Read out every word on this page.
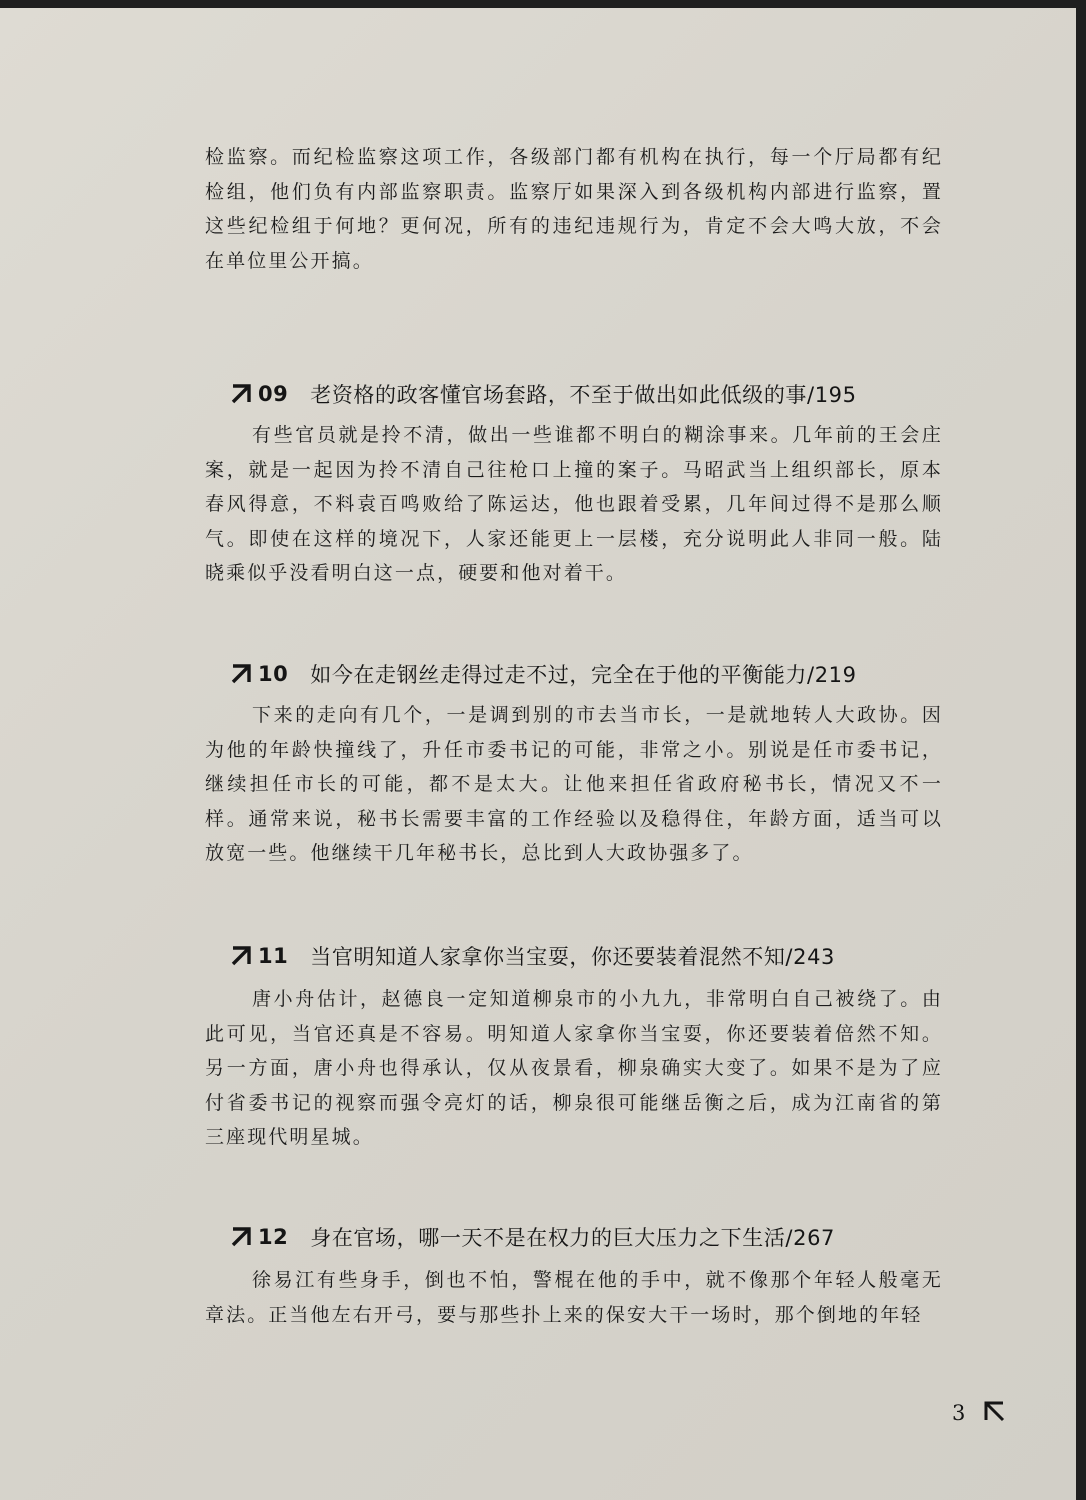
检监察。而纪检监察这项工作，各级部门都有机构在执行，每一个厅局都有纪检组，他们负有内部监察职责。监察厅如果深入到各级机构内部进行监察，置这些纪检组于何地？更何况，所有的违纪违规行为，肯定不会大鸣大放，不会在单位里公开搞。

09 老资格的政客懂官场套路，不至于做出如此低级的事/195

有些官员就是拎不清，做出一些谁都不明白的糊涂事来。几年前的王会庄案，就是一起因为拎不清自己往枪口上撞的案子。马昭武当上组织部长，原本春风得意，不料袁百鸣败给了陈运达，他也跟着受累，几年间过得不是那么顺气。即使在这样的境况下，人家还能更上一层楼，充分说明此人非同一般。陆晓乘似乎没看明白这一点，硬要和他对着干。

10 如今在走钢丝走得过走不过，完全在于他的平衡能力/219

下来的走向有几个，一是调到别的市去当市长，一是就地转人大政协。因为他的年龄快撞线了，升任市委书记的可能，非常之小。别说是任市委书记，继续担任市长的可能，都不是太大。让他来担任省政府秘书长，情况又不一样。通常来说，秘书长需要丰富的工作经验以及稳得住，年龄方面，适当可以放宽一些。他继续干几年秘书长，总比到人大政协强多了。

11 当官明知道人家拿你当宝耍，你还要装着混然不知/243

唐小舟估计，赵德良一定知道柳泉市的小九九，非常明白自己被绕了。由此可见，当官还真是不容易。明知道人家拿你当宝耍，你还要装着倍然不知。另一方面，唐小舟也得承认，仅从夜景看，柳泉确实大变了。如果不是为了应付省委书记的视察而强令亮灯的话，柳泉很可能继岳衡之后，成为江南省的第三座现代明星城。

12 身在官场，哪一天不是在权力的巨大压力之下生活/267

徐易江有些身手，倒也不怕，警棍在他的手中，就不像那个年轻人般毫无章法。正当他左右开弓，要与那些扑上来的保安大干一场时，那个倒地的年轻

3
